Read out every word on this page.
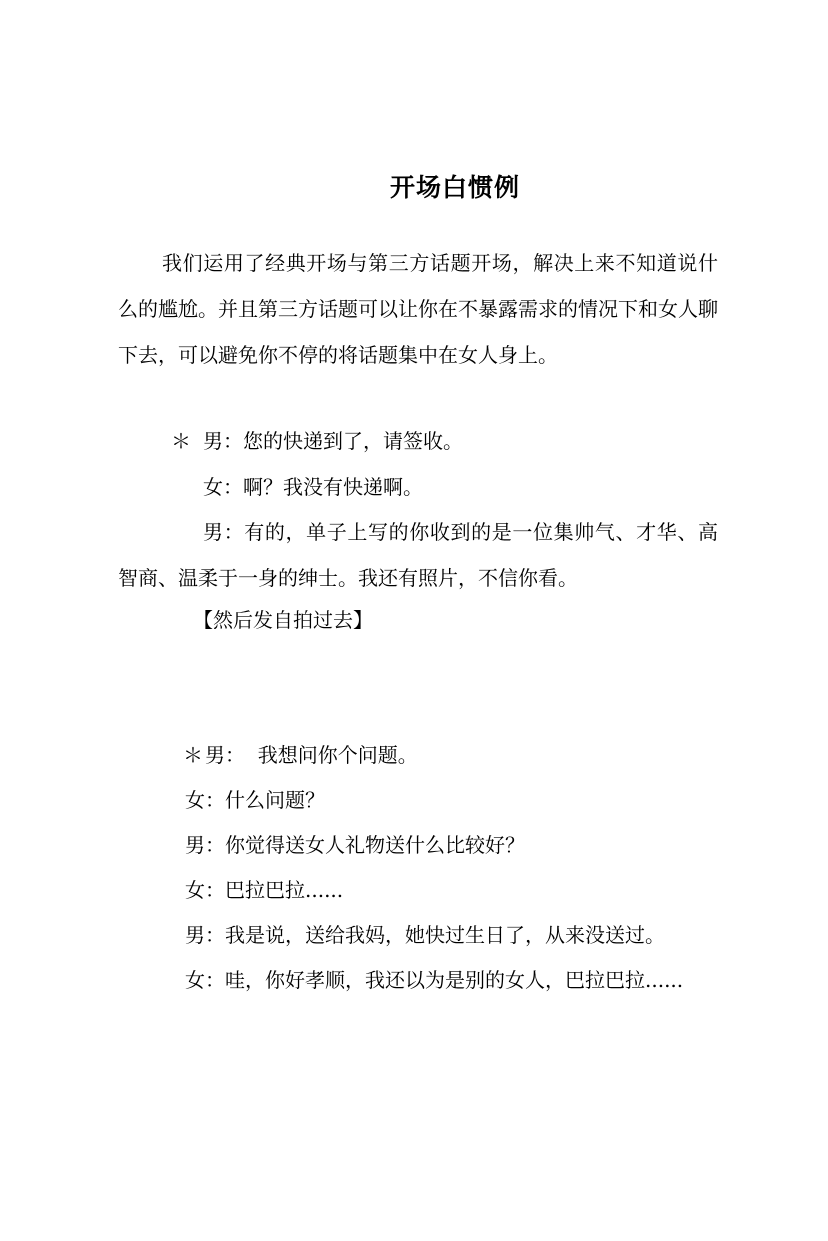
开场白惯例
我们运用了经典开场与第三方话题开场，解决上来不知道说什么的尴尬。并且第三方话题可以让你在不暴露需求的情况下和女人聊下去，可以避免你不停的将话题集中在女人身上。
＊ 男：您的快递到了，请签收。
女：啊？我没有快递啊。
男：有的，单子上写的你收到的是一位集帅气、才华、高智商、温柔于一身的绅士。我还有照片，不信你看。
【然后发自拍过去】
＊ 男：  我想问你个问题。
女：什么问题？
男：你觉得送女人礼物送什么比较好？
女：巴拉巴拉......
男：我是说，送给我妈，她快过生日了，从来没送过。
女：哇，你好孝顺，我还以为是别的女人，巴拉巴拉......
